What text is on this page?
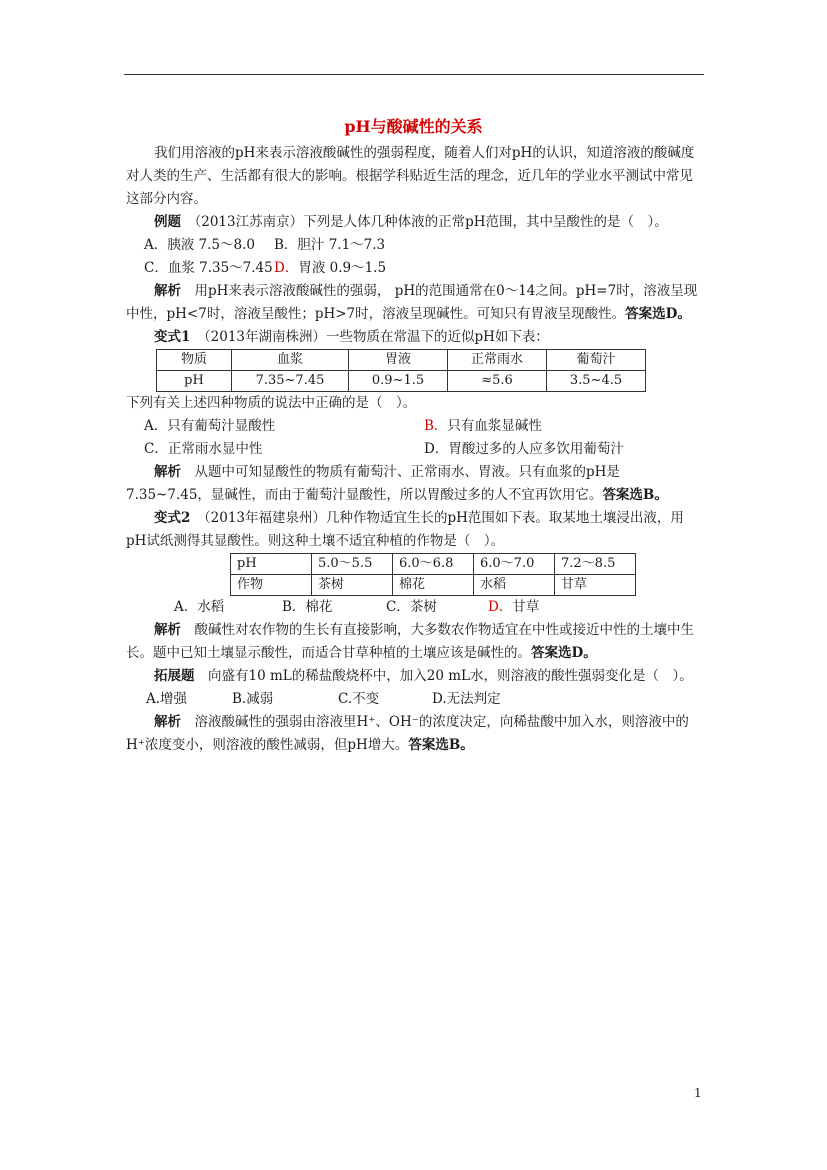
pH与酸碱性的关系

我们用溶液的pH来表示溶液酸碱性的强弱程度，随着人们对pH的认识，知道溶液的酸碱度对人类的生产、生活都有很大的影响。根据学科贴近生活的理念，近几年的学业水平测试中常见这部分内容。

例题　 （2013江苏南京）下列是人体几种体液的正常pH范围，其中呈酸性的是（　）。

A．胰液 7.5～8.0	B．胆汁 7.1～7.3
C．血浆 7.35～7.45 D．胃液 0.9～1.5

解析　 用pH来表示溶液酸碱性的强弱， pH的范围通常在0～14之间。pH=7时，溶液呈现中性，pH<7时，溶液呈酸性；pH>7时，溶液呈现碱性。可知只有胃液呈现酸性。答案选D。

变式1　 （2013年湖南株洲）一些物质在常温下的近似pH如下表：

物质	血浆	胃液	正常雨水	葡萄汁
pH	7.35~7.45	0.9~1.5	≈5.6	3.5~4.5

下列有关上述四种物质的说法中正确的是（　）。

A．只有葡萄汁显酸性	B．只有血浆显碱性
C．正常雨水显中性	D．胃酸过多的人应多饮用葡萄汁

解析　 从题中可知显酸性的物质有葡萄汁、正常雨水、胃液。只有血浆的pH是7.35~7.45，显碱性，而由于葡萄汁显酸性，所以胃酸过多的人不宜再饮用它。答案选B。

变式2　 （2013年福建泉州）几种作物适宜生长的pH范围如下表。取某地土壤浸出液，用pH试纸测得其显酸性。则这种土壤不适宜种植的作物是（　）。

pH	5.0～5.5	6.0～6.8	6.0～7.0	7.2～8.5
作物	茶树	棉花	水稻	甘草
A．水稻	B．棉花	C．茶树	D．甘草

解析　 酸碱性对农作物的生长有直接影响，大多数农作物适宜在中性或接近中性的土壤中生长。题中已知土壤显示酸性，而适合甘草种植的土壤应该是碱性的。答案选D。

拓展题　 向盛有10 mL的稀盐酸烧杯中，加入20 mL水，则溶液的酸性强弱变化是（　）。

A.增强	B.减弱	C.不变	D.无法判定

解析　 溶液酸碱性的强弱由溶液里H⁺、OH⁻的浓度决定，向稀盐酸中加入水，则溶液中的H⁺浓度变小，则溶液的酸性减弱，但pH增大。答案选B。

1
